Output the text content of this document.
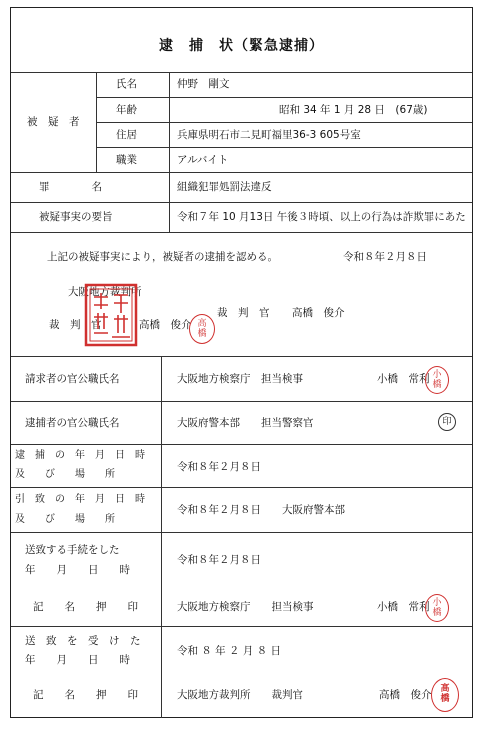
逮　捕　状（緊急逮捕）
被　疑　者
氏名	仲野　剛文
年齢	昭和 34 年 1 月 28 日　(67歳)
住居	兵庫県明石市二見町福里36-3 605号室
職業	アルバイト
罪　　　　名	組織犯罪処罰法違反
被疑事実の要旨	令和７年 10 月13日 午後３時頃、以上の行為は詐欺罪にあた
上記の被疑事実により，被疑者の逮捕を認める。	令和８年２月８日
大阪地方裁判所
裁　判　官	高橋　俊介
裁　判　官 高橋　俊介
高橋
請求者の官公職氏名	大阪地方検察庁　担当検事	小橋　常利 小橋
逮捕者の官公職氏名	大阪府警本部　　担当警察官	印
逮　捕　の　年　月　日　時
及　　び　　場　　所
令和８年２月８日
引　致　の　年　月　日　時
及　　び　　場　　所
令和８年２月８日　　大阪府警本部
送致する手続をした
年　　月　　日　　時
令和８年２月８日
記　　名　　押　　印	大阪地方検察庁　　担当検事	小橋　常利 小橋
送　致　を　受　け　た
年　　月　　日　　時
令和 ８ 年 ２ 月 ８ 日
記　　名　　押　　印	大阪地方裁判所　　裁判官	高橋　俊介 高橋
